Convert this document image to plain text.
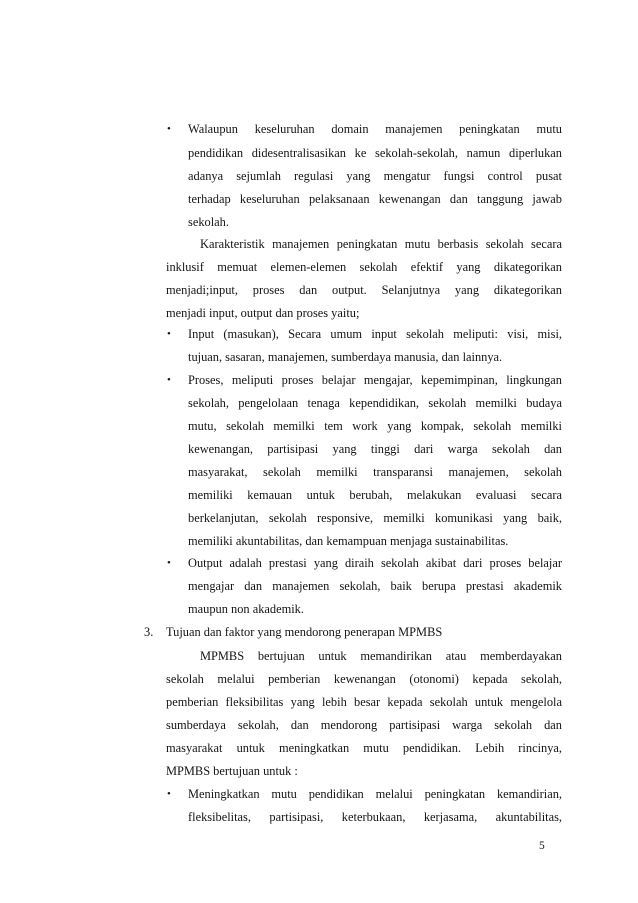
• Walaupun keseluruhan domain manajemen peningkatan mutu
pendidikan didesentralisasikan ke sekolah-sekolah, namun diperlukan
adanya sejumlah regulasi yang mengatur fungsi control pusat
terhadap keseluruhan pelaksanaan kewenangan dan tanggung jawab
sekolah.
Karakteristik manajemen peningkatan mutu berbasis sekolah secara
inklusif memuat elemen-elemen sekolah efektif yang dikategorikan
menjadi;input, proses dan output. Selanjutnya yang dikategorikan
menjadi input, output dan proses yaitu;
• Input (masukan), Secara umum input sekolah meliputi: visi, misi,
tujuan, sasaran, manajemen, sumberdaya manusia, dan lainnya.
• Proses, meliputi proses belajar mengajar, kepemimpinan, lingkungan
sekolah, pengelolaan tenaga kependidikan, sekolah memilki budaya
mutu, sekolah memilki tem work yang kompak, sekolah memilki
kewenangan, partisipasi yang tinggi dari warga sekolah dan
masyarakat, sekolah memilki transparansi manajemen, sekolah
memiliki kemauan untuk berubah, melakukan evaluasi secara
berkelanjutan, sekolah responsive, memilki komunikasi yang baik,
memiliki akuntabilitas, dan kemampuan menjaga sustainabilitas.
• Output adalah prestasi yang diraih sekolah akibat dari proses belajar
mengajar dan manajemen sekolah, baik berupa prestasi akademik
maupun non akademik.
3. Tujuan dan faktor yang mendorong penerapan MPMBS
MPMBS bertujuan untuk memandirikan atau memberdayakan
sekolah melalui pemberian kewenangan (otonomi) kepada sekolah,
pemberian fleksibilitas yang lebih besar kepada sekolah untuk mengelola
sumberdaya sekolah, dan mendorong partisipasi warga sekolah dan
masyarakat untuk meningkatkan mutu pendidikan. Lebih rincinya,
MPMBS bertujuan untuk :
• Meningkatkan mutu pendidikan melalui peningkatan kemandirian,
fleksibelitas, partisipasi, keterbukaan, kerjasama, akuntabilitas,
5
